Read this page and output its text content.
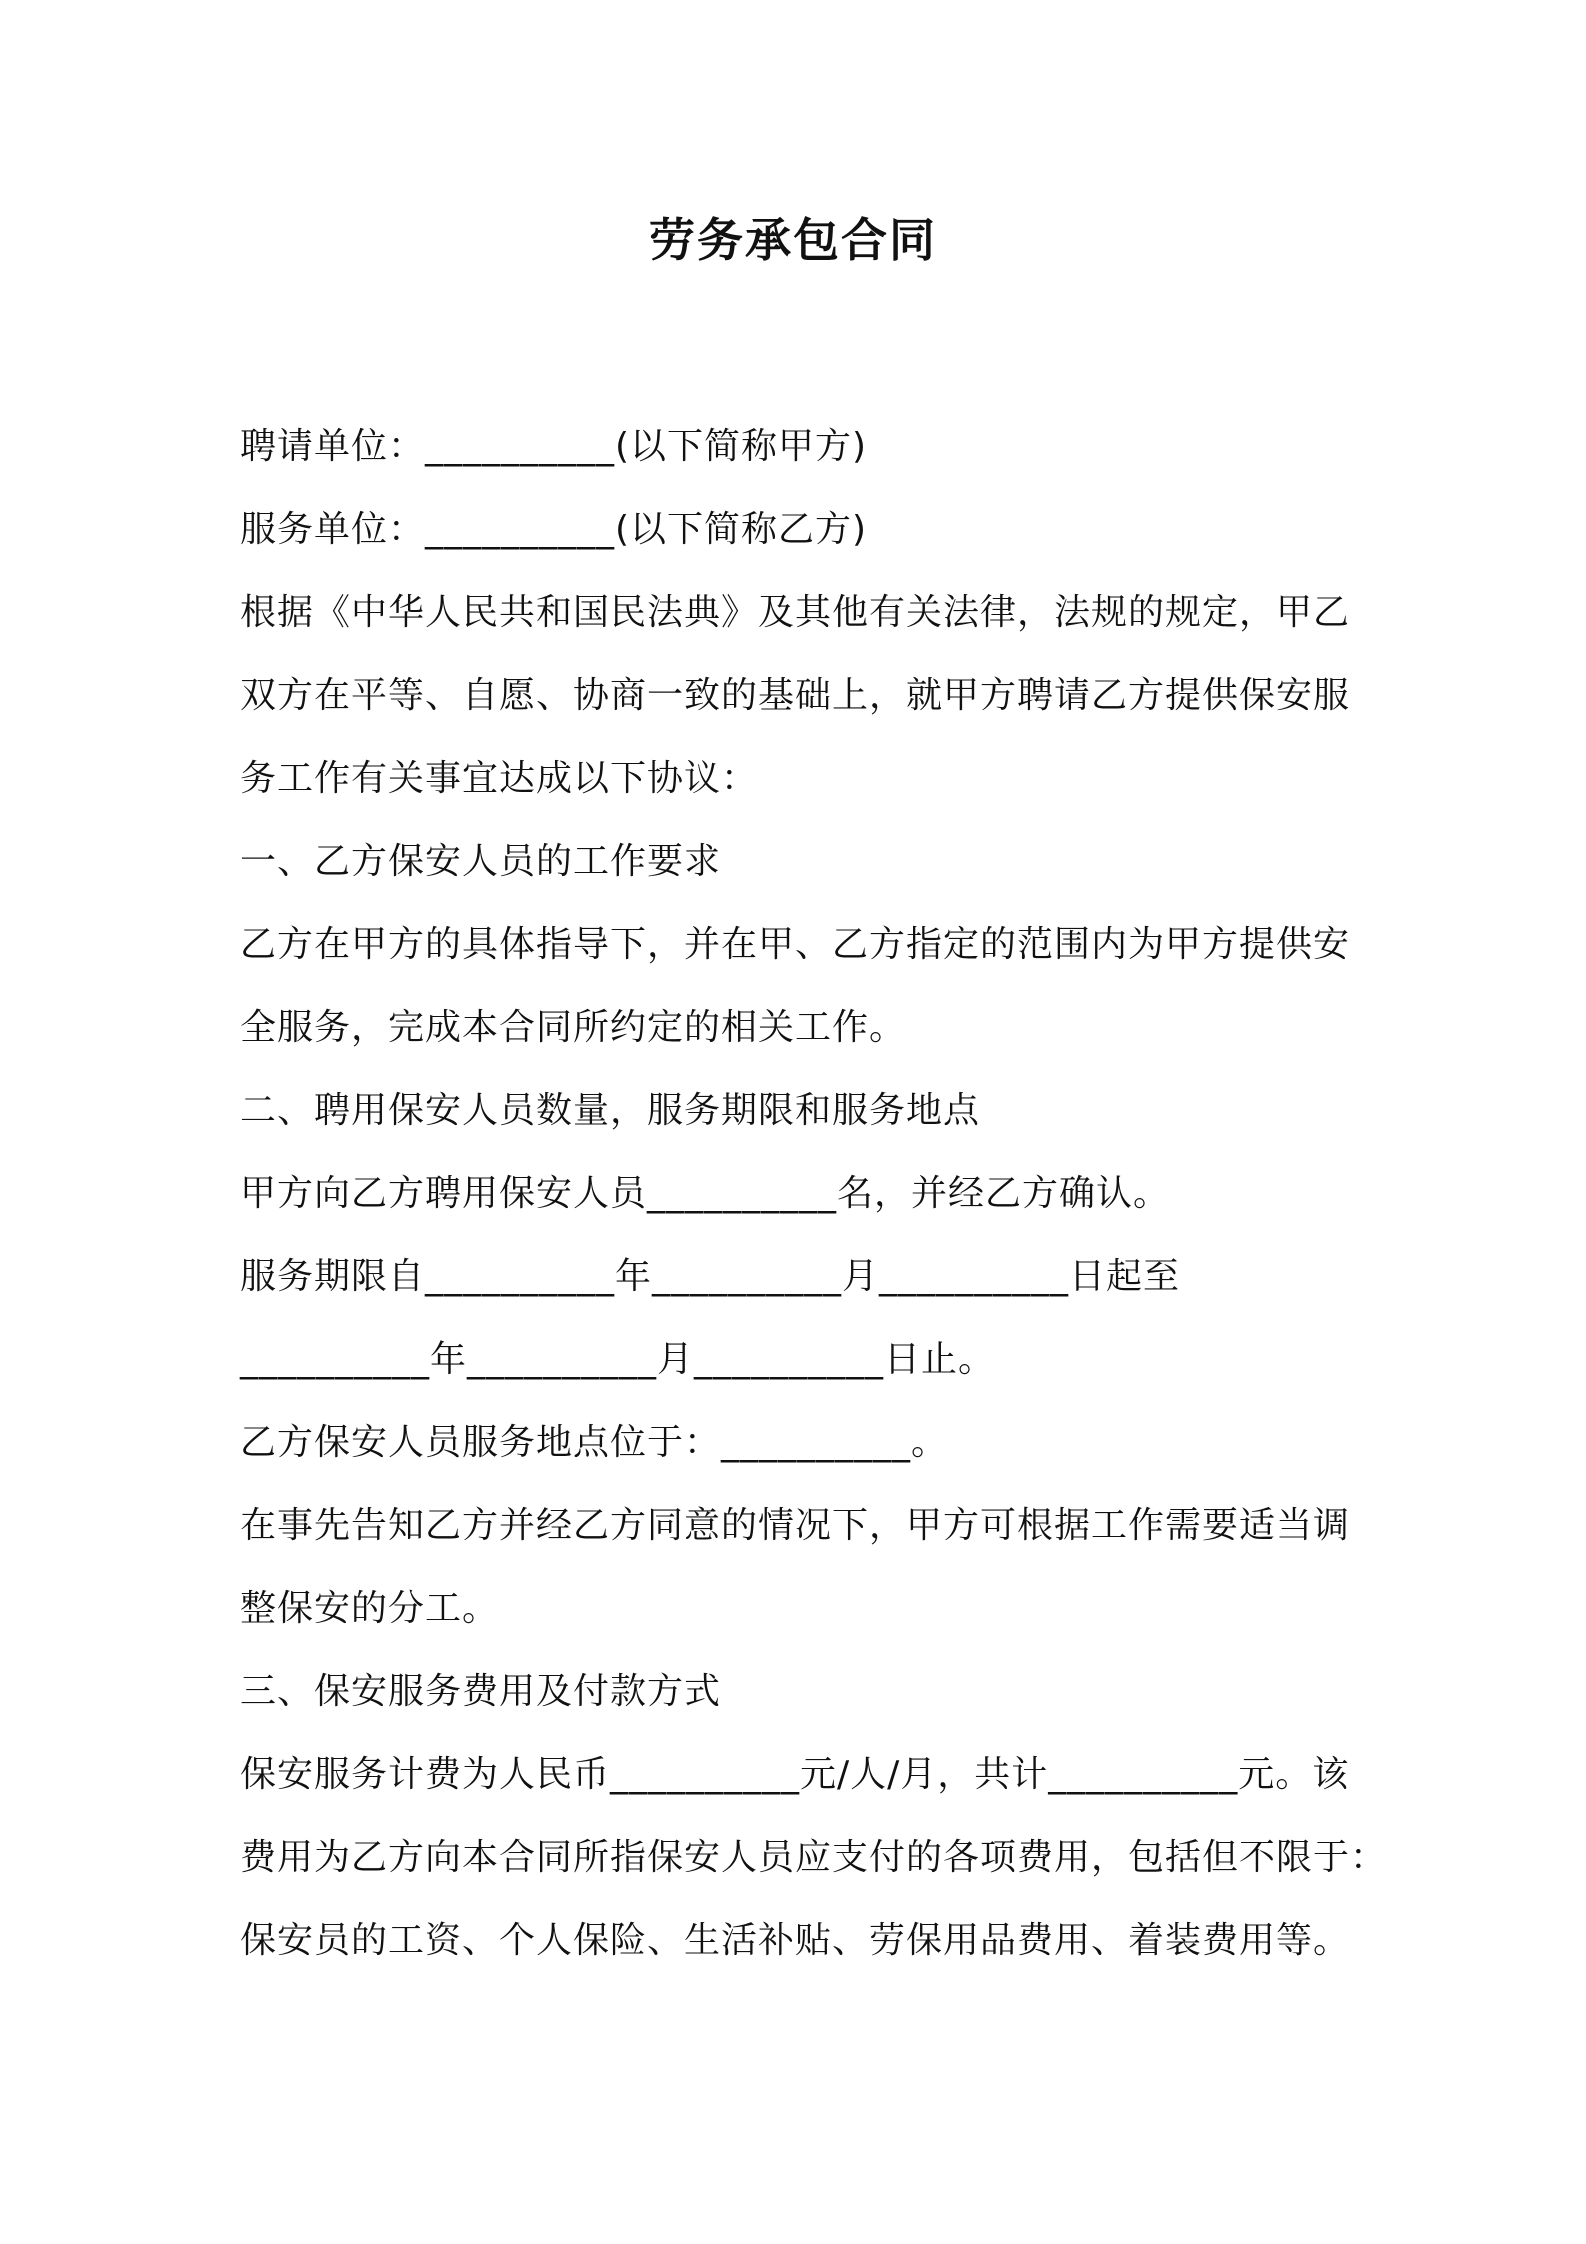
劳务承包合同
聘请单位：__________(以下简称甲方)
服务单位：__________(以下简称乙方)
根据《中华人民共和国民法典》及其他有关法律，法规的规定，甲乙
双方在平等、自愿、协商一致的基础上，就甲方聘请乙方提供保安服
务工作有关事宜达成以下协议：
一、乙方保安人员的工作要求
乙方在甲方的具体指导下，并在甲、乙方指定的范围内为甲方提供安
全服务，完成本合同所约定的相关工作。
二、聘用保安人员数量，服务期限和服务地点
甲方向乙方聘用保安人员__________名，并经乙方确认。
服务期限自__________年__________月__________日起至
__________年__________月__________日止。
乙方保安人员服务地点位于：__________。
在事先告知乙方并经乙方同意的情况下，甲方可根据工作需要适当调
整保安的分工。
三、保安服务费用及付款方式
保安服务计费为人民币__________元/人/月，共计__________元。该
费用为乙方向本合同所指保安人员应支付的各项费用，包括但不限于：
保安员的工资、个人保险、生活补贴、劳保用品费用、着装费用等。
